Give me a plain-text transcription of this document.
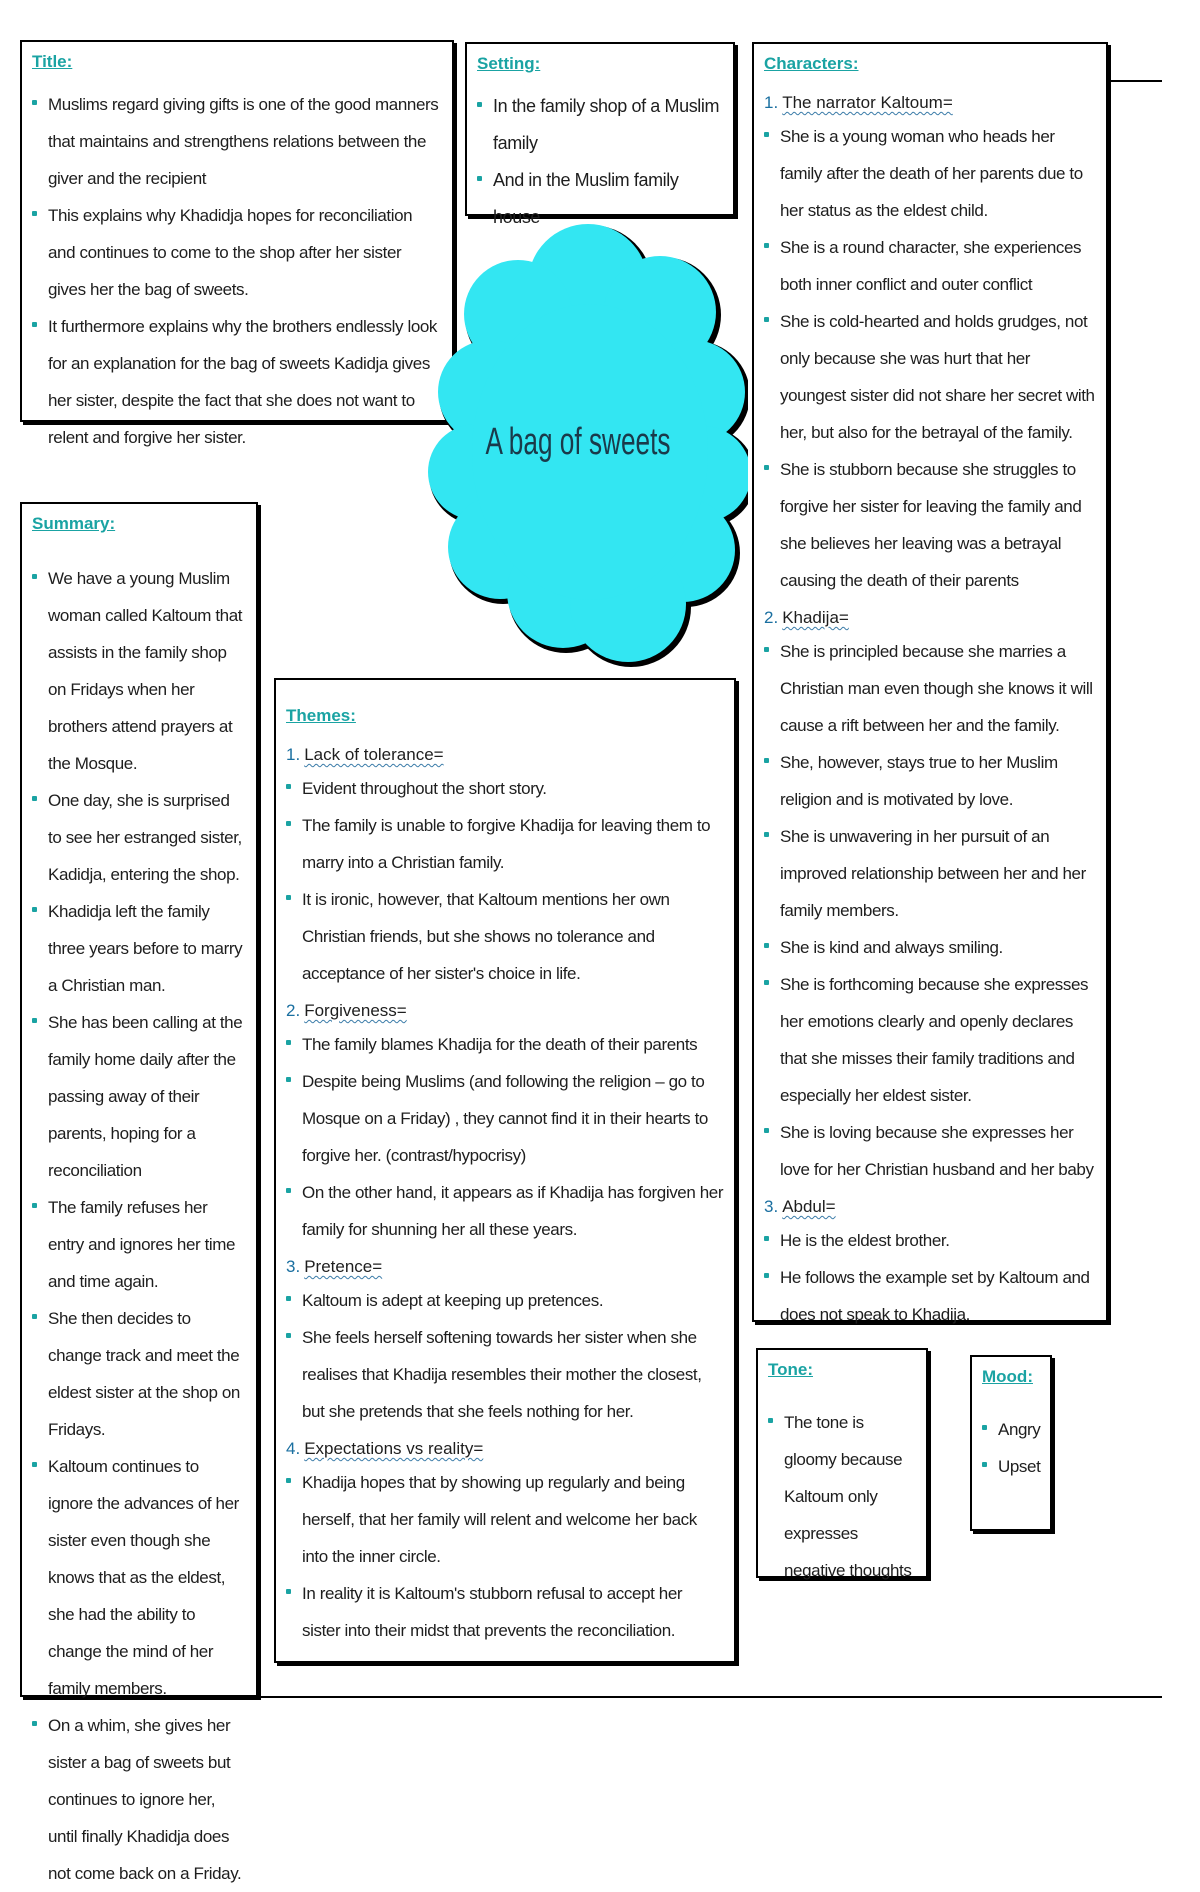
Title:
Muslims regard giving gifts is one of the good manners that maintains and strengthens relations between the giver and the recipient
This explains why Khadidja hopes for reconciliation and continues to come to the shop after her sister gives her the bag of sweets.
It furthermore explains why the brothers endlessly look for an explanation for the bag of sweets Kadidja gives her sister, despite the fact that she does not want to relent and forgive her sister.
Setting:
In the family shop of a Muslim family
And in the Muslim family house
Characters:
1. The narrator Kaltoum=
She is a young woman who heads her family after the death of her parents due to her status as the eldest child.
She is a round character, she experiences both inner conflict and outer conflict
She is cold-hearted and holds grudges, not only because she was hurt that her youngest sister did not share her secret with her, but also for the betrayal of the family.
She is stubborn because she struggles to forgive her sister for leaving the family and she believes her leaving was a betrayal causing the death of their parents
2. Khadija=
She is principled because she marries a Christian man even though she knows it will cause a rift between her and the family.
She, however, stays true to her Muslim religion and is motivated by love.
She is unwavering in her pursuit of an improved relationship between her and her family members.
She is kind and always smiling.
She is forthcoming because she expresses her emotions clearly and openly declares that she misses their family traditions and especially her eldest sister.
She is loving because she expresses her love for her Christian husband and her baby
3. Abdul=
He is the eldest brother.
He follows the example set by Kaltoum and does not speak to Khadija.
A bag of sweets
Summary:
We have a young Muslim woman called Kaltoum that assists in the family shop on Fridays when her brothers attend prayers at the Mosque.
One day, she is surprised to see her estranged sister, Kadidja, entering the shop.
Khadidja left the family three years before to marry a Christian man.
She has been calling at the family home daily after the passing away of their parents, hoping for a reconciliation
The family refuses her entry and ignores her time and time again.
She then decides to change track and meet the eldest sister at the shop on Fridays.
Kaltoum continues to ignore the advances of her sister even though she knows that as the eldest, she had the ability to change the mind of her family members.
On a whim, she gives her sister a bag of sweets but continues to ignore her, until finally Khadidja does not come back on a Friday.
Themes:
1. Lack of tolerance=
Evident throughout the short story.
The family is unable to forgive Khadija for leaving them to marry into a Christian family.
It is ironic, however, that Kaltoum mentions her own Christian friends, but she shows no tolerance and acceptance of her sister's choice in life.
2. Forgiveness=
The family blames Khadija for the death of their parents
Despite being Muslims (and following the religion – go to Mosque on a Friday) , they cannot find it in their hearts to forgive her. (contrast/hypocrisy)
On the other hand, it appears as if Khadija has forgiven her family for shunning her all these years.
3. Pretence=
Kaltoum is adept at keeping up pretences.
She feels herself softening towards her sister when she realises that Khadija resembles their mother the closest, but she pretends that she feels nothing for her.
4. Expectations vs reality=
Khadija hopes that by showing up regularly and being herself, that her family will relent and welcome her back into the inner circle.
In reality it is Kaltoum's stubborn refusal to accept her sister into their midst that prevents the reconciliation.
Tone:
The tone is gloomy because Kaltoum only expresses negative thoughts
Mood:
Angry
Upset
